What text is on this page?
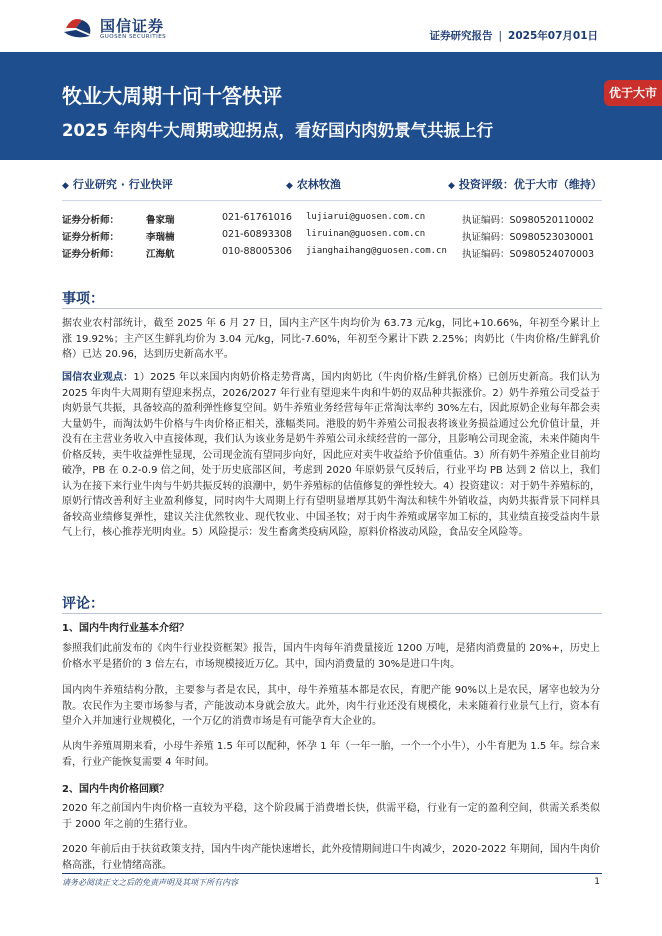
国信证券
GUOSEN SECURITIES	证券研究报告 | 2025年07月01日
牧业大周期十问十答快评
2025 年肉牛大周期或迎拐点，看好国内肉奶景气共振上行
优于大市
◆ 行业研究 · 行业快评	◆ 农林牧渔	◆ 投资评级：优于大市（维持）
证券分析师：	鲁家瑞	021-61761016 lujiarui@guosen.com.cn	执证编码：S0980520110002
证券分析师：	李瑞楠	021-60893308 liruinan@guosen.com.cn	执证编码：S0980523030001
证券分析师：	江海航	010-88005306 jianghaihang@guosen.com.cn 执证编码：S0980524070003
事项：

据农业农村部统计，截至 2025 年 6 月 27 日，国内主产区牛肉均价为 63.73 元/kg，同比+10.66%，年初至今累计上涨 19.92%；主产区生鲜乳均价为 3.04 元/kg，同比-7.60%，年初至今累计下跌 2.25%；肉奶比（牛肉价格/生鲜乳价格）已达 20.96，达到历史新高水平。

国信农业观点：1）2025 年以来国内肉奶价格走势背离，国内肉奶比（牛肉价格/生鲜乳价格）已创历史新高。我们认为 2025 年肉牛大周期有望迎来拐点，2026/2027 年行业有望迎来牛肉和牛奶的双品种共振涨价。2）奶牛养殖公司受益于肉奶景气共振，具备较高的盈利弹性修复空间。奶牛养殖业务经营每年正常淘汰率约 30%左右，因此原奶企业每年都会卖大量奶牛，而淘汰奶牛价格与牛肉价格正相关，涨幅类同。港股的奶牛养殖公司报表将该业务损益通过公允价值计量，并没有在主营业务收入中直接体现，我们认为该业务是奶牛养殖公司永续经营的一部分，且影响公司现金流，未来伴随肉牛价格反转，卖牛收益弹性显现，公司现金流有望同步向好，因此应对卖牛收益给予价值重估。3）所有奶牛养殖企业目前均破净，PB 在 0.2-0.9 倍之间，处于历史底部区间，考虑到 2020 年原奶景气反转后，行业平均 PB 达到 2 倍以上，我们认为在接下来行业牛肉与牛奶共振反转的浪潮中，奶牛养殖标的估值修复的弹性较大。4）投资建议：对于奶牛养殖标的，原奶行情改善利好主业盈利修复，同时肉牛大周期上行有望明显增厚其奶牛淘汰和犊牛外销收益，肉奶共振背景下同样具备较高业绩修复弹性，建议关注优然牧业、现代牧业、中国圣牧；对于肉牛养殖或屠宰加工标的，其业绩直接受益肉牛景气上行，核心推荐光明肉业。5）风险提示：发生畜禽类疫病风险，原料价格波动风险，食品安全风险等。

评论：
1、国内牛肉行业基本介绍？

参照我们此前发布的《肉牛行业投资框架》报告，国内牛肉每年消费量接近 1200 万吨，是猪肉消费量的 20%+，历史上价格水平是猪价的 3 倍左右，市场规模接近万亿。其中，国内消费量的 30%是进口牛肉。

国内肉牛养殖结构分散，主要参与者是农民，其中，母牛养殖基本都是农民，育肥产能 90%以上是农民，屠宰也较为分散。农民作为主要市场参与者，产能波动本身就会放大。此外，肉牛行业还没有规模化，未来随着行业景气上行，资本有望介入并加速行业规模化，一个万亿的消费市场是有可能孕育大企业的。

从肉牛养殖周期来看，小母牛养殖 1.5 年可以配种，怀孕 1 年（一年一胎，一个一个小牛），小牛育肥为 1.5 年。综合来看，行业产能恢复需要 4 年时间。

2、国内牛肉价格回顾？

2020 年之前国内牛肉价格一直较为平稳，这个阶段属于消费增长快，供需平稳，行业有一定的盈利空间，供需关系类似于 2000 年之前的生猪行业。

2020 年前后由于扶贫政策支持，国内牛肉产能快速增长，此外疫情期间进口牛肉减少，2020-2022 年期间，国内牛肉价格高涨，行业情绪高涨。

请务必阅读正文之后的免责声明及其项下所有内容	1
